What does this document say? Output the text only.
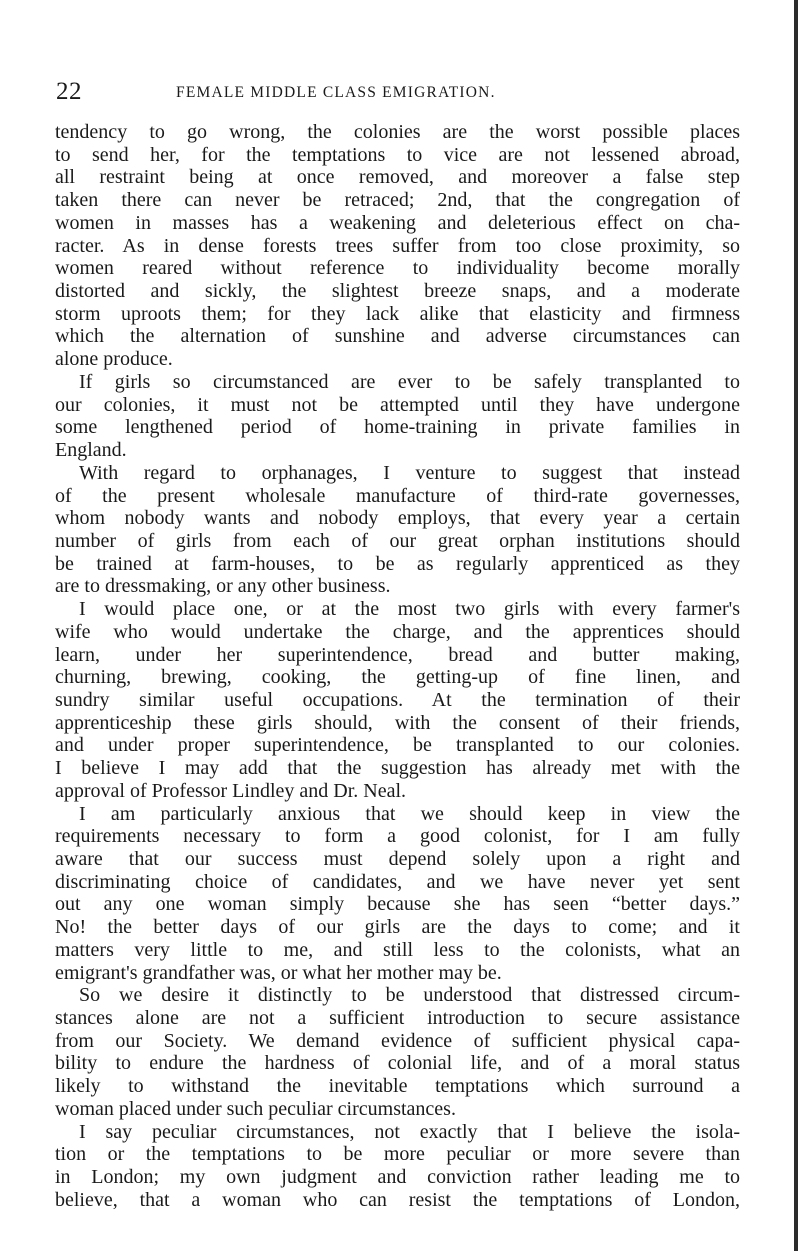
22	FEMALE MIDDLE CLASS EMIGRATION.
tendency to go wrong, the colonies are the worst possible places
to send her, for the temptations to vice are not lessened abroad,
all restraint being at once removed, and moreover a false step
taken there can never be retraced; 2nd, that the congregation of
women in masses has a weakening and deleterious effect on cha-
racter. As in dense forests trees suffer from too close proximity, so
women reared without reference to individuality become morally
distorted and sickly, the slightest breeze snaps, and a moderate
storm uproots them; for they lack alike that elasticity and firmness
which the alternation of sunshine and adverse circumstances can
alone produce.
If girls so circumstanced are ever to be safely transplanted to
our colonies, it must not be attempted until they have undergone
some lengthened period of home-training in private families in
England.
With regard to orphanages, I venture to suggest that instead
of the present wholesale manufacture of third-rate governesses,
whom nobody wants and nobody employs, that every year a certain
number of girls from each of our great orphan institutions should
be trained at farm-houses, to be as regularly apprenticed as they
are to dressmaking, or any other business.
I would place one, or at the most two girls with every farmer's
wife who would undertake the charge, and the apprentices should
learn, under her superintendence, bread and butter making,
churning, brewing, cooking, the getting-up of fine linen, and
sundry similar useful occupations. At the termination of their
apprenticeship these girls should, with the consent of their friends,
and under proper superintendence, be transplanted to our colonies.
I believe I may add that the suggestion has already met with the
approval of Professor Lindley and Dr. Neal.
I am particularly anxious that we should keep in view the
requirements necessary to form a good colonist, for I am fully
aware that our success must depend solely upon a right and
discriminating choice of candidates, and we have never yet sent
out any one woman simply because she has seen “better days.”
No! the better days of our girls are the days to come; and it
matters very little to me, and still less to the colonists, what an
emigrant's grandfather was, or what her mother may be.
So we desire it distinctly to be understood that distressed circum-
stances alone are not a sufficient introduction to secure assistance
from our Society. We demand evidence of sufficient physical capa-
bility to endure the hardness of colonial life, and of a moral status
likely to withstand the inevitable temptations which surround a
woman placed under such peculiar circumstances.
I say peculiar circumstances, not exactly that I believe the isola-
tion or the temptations to be more peculiar or more severe than
in London; my own judgment and conviction rather leading me to
believe, that a woman who can resist the temptations of London,
